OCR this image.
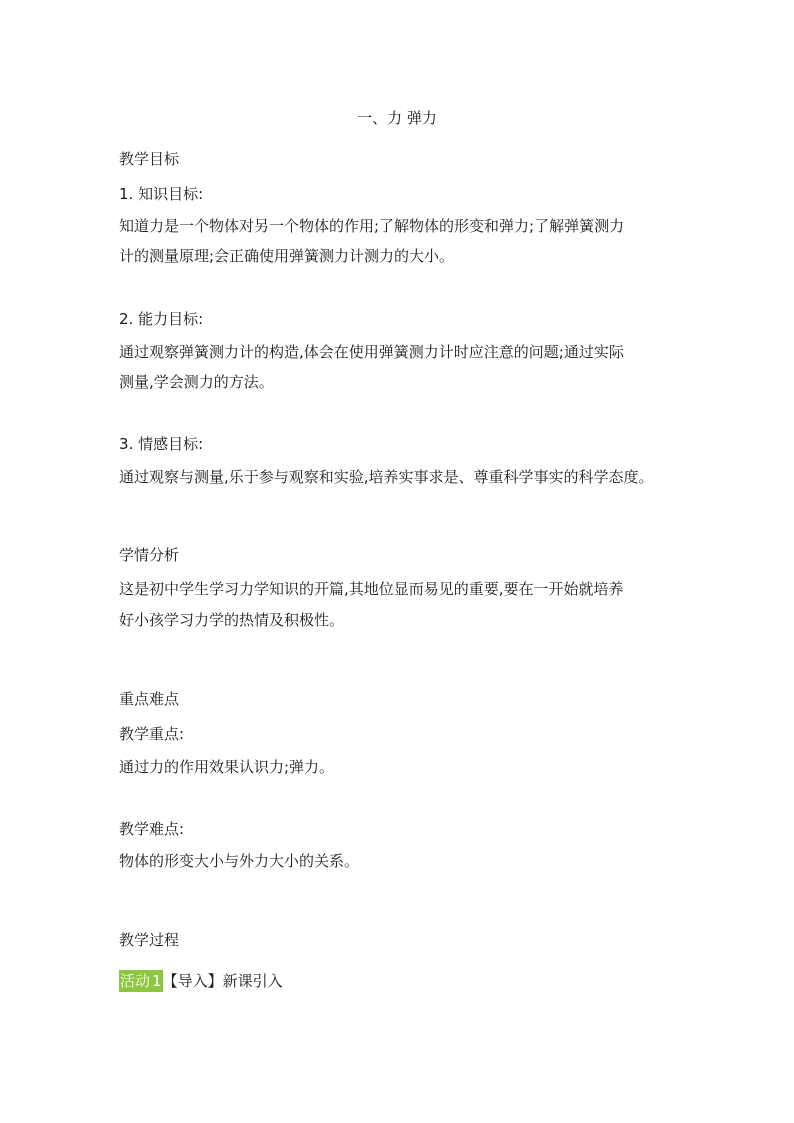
一、力 弹力
教学目标
1. 知识目标:
知道力是一个物体对另一个物体的作用;了解物体的形变和弹力;了解弹簧测力
计的测量原理;会正确使用弹簧测力计测力的大小。
2. 能力目标:
通过观察弹簧测力计的构造,体会在使用弹簧测力计时应注意的问题;通过实际
测量,学会测力的方法。
3. 情感目标:
通过观察与测量,乐于参与观察和实验,培养实事求是、尊重科学事实的科学态度。
学情分析
这是初中学生学习力学知识的开篇,其地位显而易见的重要,要在一开始就培养
好小孩学习力学的热情及积极性。
重点难点
教学重点:
通过力的作用效果认识力;弹力。
教学难点:
物体的形变大小与外力大小的关系。
教学过程
活动 1【导入】新课引入
